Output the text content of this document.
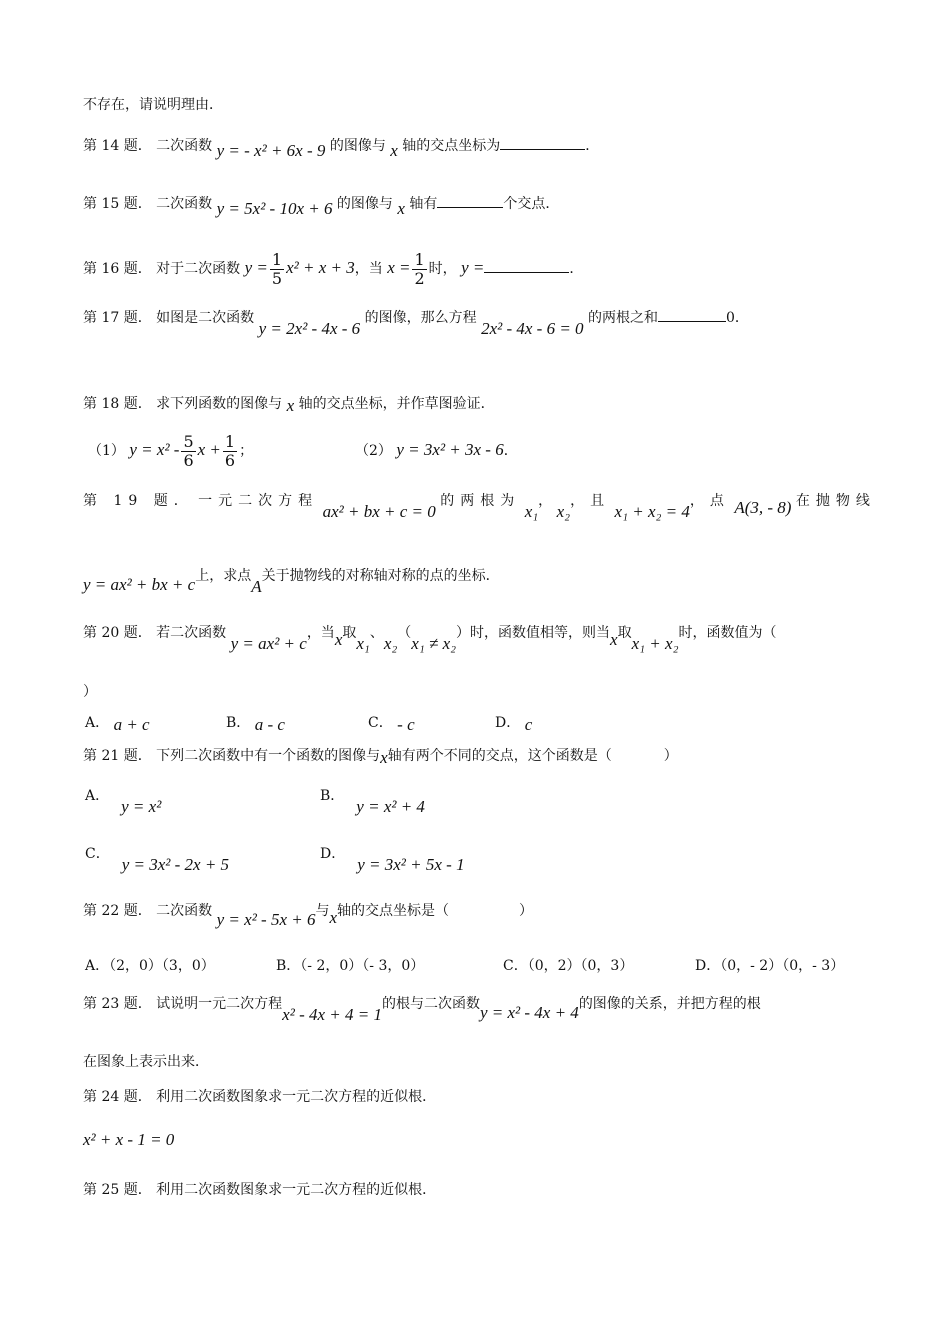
不存在，请说明理由．
第 14 题． 二次函数 y = - x² + 6x - 9 的图像与 x 轴的交点坐标为	．
第 15 题． 二次函数 y = 5x² - 10x + 6 的图像与 x 轴有	个交点．
第 16 题． 对于二次函数 $y = \frac{1}{5} x^2 + x + 3$，当 $x = \frac{1}{2}$ 时， y =	．
第 17 题． 如图是二次函数 y = 2x² - 4x - 6 的图像，那么方程 2x² - 4x - 6 = 0 的两根之和	0．
第 18 题． 求下列函数的图像与 x 轴的交点坐标，并作草图验证．
（1） $y = x^2 - \frac{5}{6}$ $x + \frac{1}{6}$ ；	（2） y = 3x² + 3x - 6．
第 19 题． 一元二次方程 ax² + bx + c = 0 的两根为 x₁， x₂，且 x₁ + x₂ = 4，点 A(3, - 8) 在抛物线
y = ax² + bx + c上，求点A关于抛物线的对称轴对称的点的坐标．
第 20 题． 若二次函数 y = ax² + c，当x取x₁、x₂（x₁ ≠ x₂）时，函数值相等，则当x取x₁ + x₂时，函数值为（
）
A． a + c	B． a - c	C． - c	D． c
第 21 题． 下列二次函数中有一个函数的图像与x轴有两个不同的交点，这个函数是（	）
A．y = x²
B．y = x² + 4
C．y = 3x² - 2x + 5
D．y = 3x² + 5x - 1
第 22 题． 二次函数 y = x² - 5x + 6与x轴的交点坐标是（	）
A．（2，0）（3，0）	B．（- 2，0）（- 3，0）	C．（0，2）（0，3）	D．（0，- 2）（0，- 3）
第 23 题． 试说明一元二次方程x² - 4x + 4 = 1的根与二次函数y = x² - 4x + 4的图像的关系，并把方程的根
在图象上表示出来．
第 24 题． 利用二次函数图象求一元二次方程的近似根．
x² + x - 1 = 0
第 25 题． 利用二次函数图象求一元二次方程的近似根．
